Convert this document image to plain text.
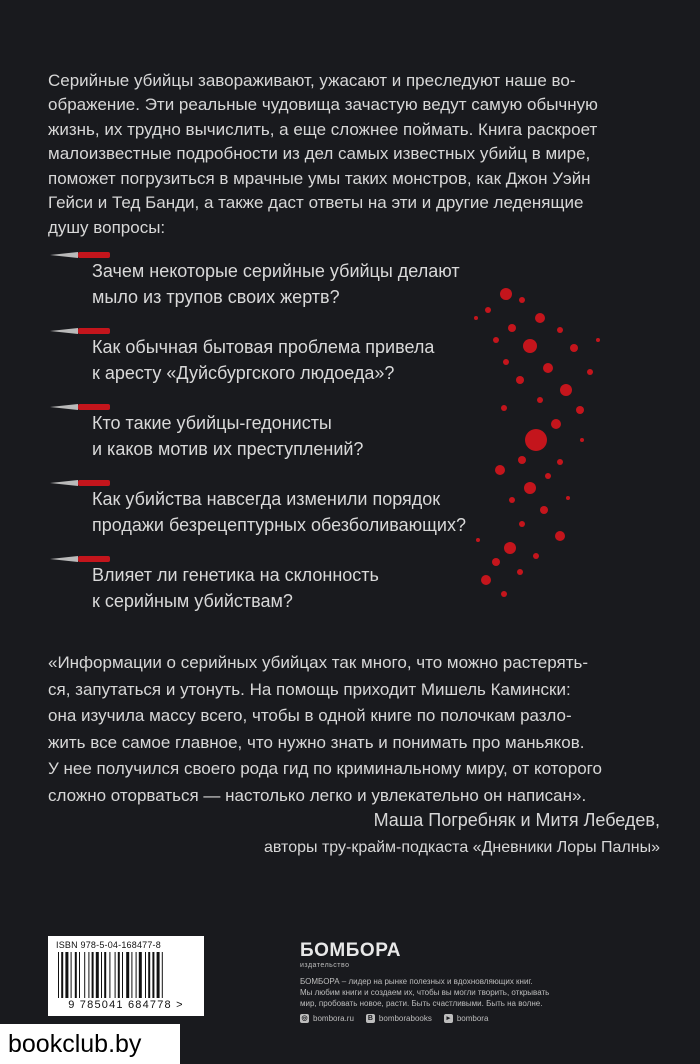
Серийные убийцы завораживают, ужасают и преследуют наше во-
ображение. Эти реальные чудовища зачастую ведут самую обычную
жизнь, их трудно вычислить, а еще сложнее поймать. Книга раскроет
малоизвестные подробности из дел самых известных убийц в мире,
поможет погрузиться в мрачные умы таких монстров, как Джон Уэйн
Гейси и Тед Банди, а также даст ответы на эти и другие леденящие
душу вопросы:

Зачем некоторые серийные убийцы делают
мыло из трупов своих жертв?
Как обычная бытовая проблема привела
к аресту «Дуйсбургского людоеда»?
Кто такие убийцы-гедонисты
и каков мотив их преступлений?
Как убийства навсегда изменили порядок
продажи безрецептурных обезболивающих?
Влияет ли генетика на склонность
к серийным убийствам?
«Информации о серийных убийцах так много, что можно растерять-
ся, запутаться и утонуть. На помощь приходит Мишель Камински:
она изучила массу всего, чтобы в одной книге по полочкам разло-
жить все самое главное, что нужно знать и понимать про маньяков.
У нее получился своего рода гид по криминальному миру, от которого
сложно оторваться — настолько легко и увлекательно он написан».
Маша Погребняк и Митя Лебедев,
авторы тру-крайм-подкаста «Дневники Лоры Палны»
ISBN 978-5-04-168477-8
9 785041 684778 >
БОМБОРА
издательство
БОМБОРА – лидер на рынке полезных и вдохновляющих книг.
Мы любим книги и создаем их, чтобы вы могли творить, открывать
мир, пробовать новое, расти. Быть счастливыми. Быть на волне.
◎ bombora.ru В bomborabooks	▸ bombora
bookclub.by
